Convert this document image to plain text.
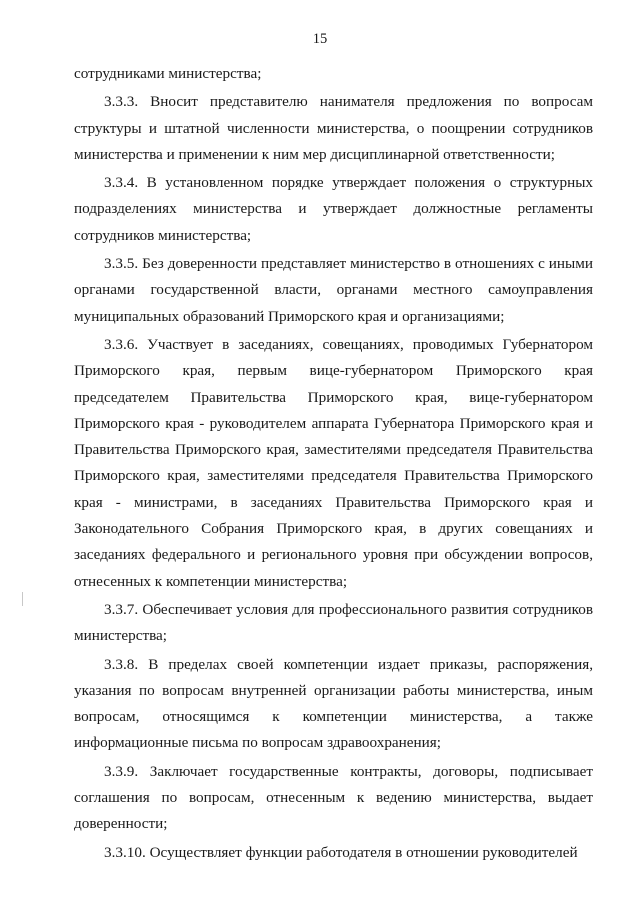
15

сотрудниками министерства;

3.3.3. Вносит представителю нанимателя предложения по вопросам структуры и штатной численности министерства, о поощрении сотрудников министерства и применении к ним мер дисциплинарной ответственности;

3.3.4. В установленном порядке утверждает положения о структурных подразделениях министерства и утверждает должностные регламенты сотрудников министерства;

3.3.5. Без доверенности представляет министерство в отношениях с иными органами государственной власти, органами местного самоуправления муниципальных образований Приморского края и организациями;

3.3.6. Участвует в заседаниях, совещаниях, проводимых Губернатором Приморского края, первым вице-губернатором Приморского края председателем Правительства Приморского края, вице-губернатором Приморского края - руководителем аппарата Губернатора Приморского края и Правительства Приморского края, заместителями председателя Правительства Приморского края, заместителями председателя Правительства Приморского края - министрами, в заседаниях Правительства Приморского края и Законодательного Собрания Приморского края, в других совещаниях и заседаниях федерального и регионального уровня при обсуждении вопросов, отнесенных к компетенции министерства;

3.3.7. Обеспечивает условия для профессионального развития сотрудников министерства;

3.3.8. В пределах своей компетенции издает приказы, распоряжения, указания по вопросам внутренней организации работы министерства, иным вопросам, относящимся к компетенции министерства, а также информационные письма по вопросам здравоохранения;

3.3.9. Заключает государственные контракты, договоры, подписывает соглашения по вопросам, отнесенным к ведению министерства, выдает доверенности;

3.3.10. Осуществляет функции работодателя в отношении руководителей
